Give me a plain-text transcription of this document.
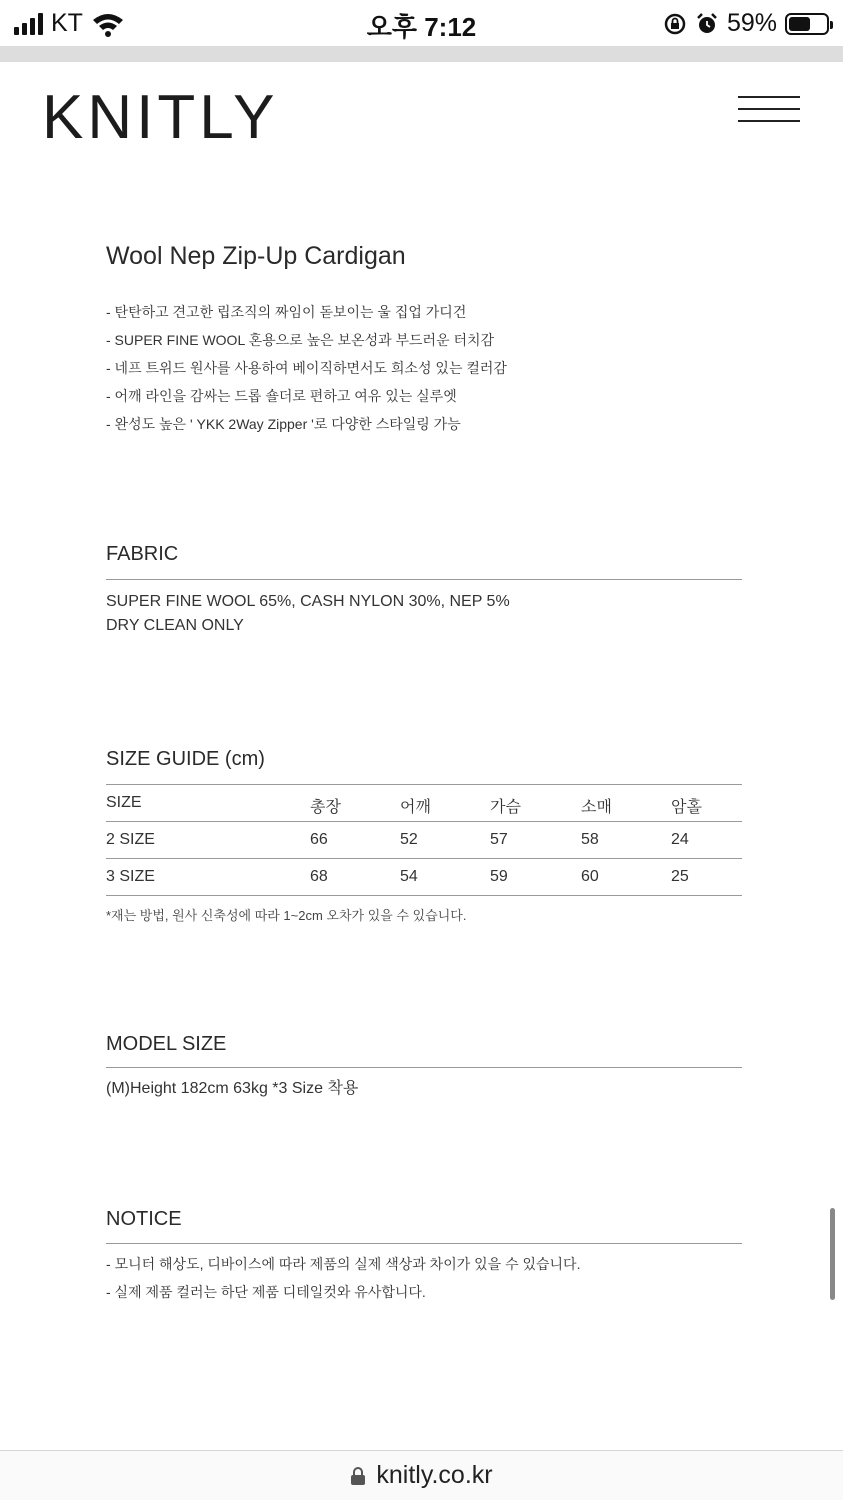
KT	오후 7:12	59%
KNITLY
Wool Nep Zip-Up Cardigan
- 탄탄하고 견고한 립조직의 짜임이 돋보이는 울 집업 가디건
- SUPER FINE WOOL 혼용으로 높은 보온성과 부드러운 터치감
- 네프 트위드 원사를 사용하여 베이직하면서도 희소성 있는 컬러감
- 어깨 라인을 감싸는 드롭 숄더로 편하고 여유 있는 실루엣
- 완성도 높은 ' YKK 2Way Zipper '로 다양한 스타일링 가능
FABRIC
SUPER FINE WOOL 65%, CASH NYLON 30%, NEP 5%
DRY CLEAN ONLY
SIZE GUIDE (cm)
SIZE	총장	어깨	가슴	소매	암홀
2 SIZE	66	52	57	58	24
3 SIZE	68	54	59	60	25
*재는 방법, 원사 신축성에 따라 1~2cm 오차가 있을 수 있습니다.
MODEL SIZE
(M)Height 182cm 63kg *3 Size 착용
NOTICE
- 모니터 해상도, 디바이스에 따라 제품의 실제 색상과 차이가 있을 수 있습니다.
- 실제 제품 컬러는 하단 제품 디테일컷와 유사합니다.
knitly.co.kr
